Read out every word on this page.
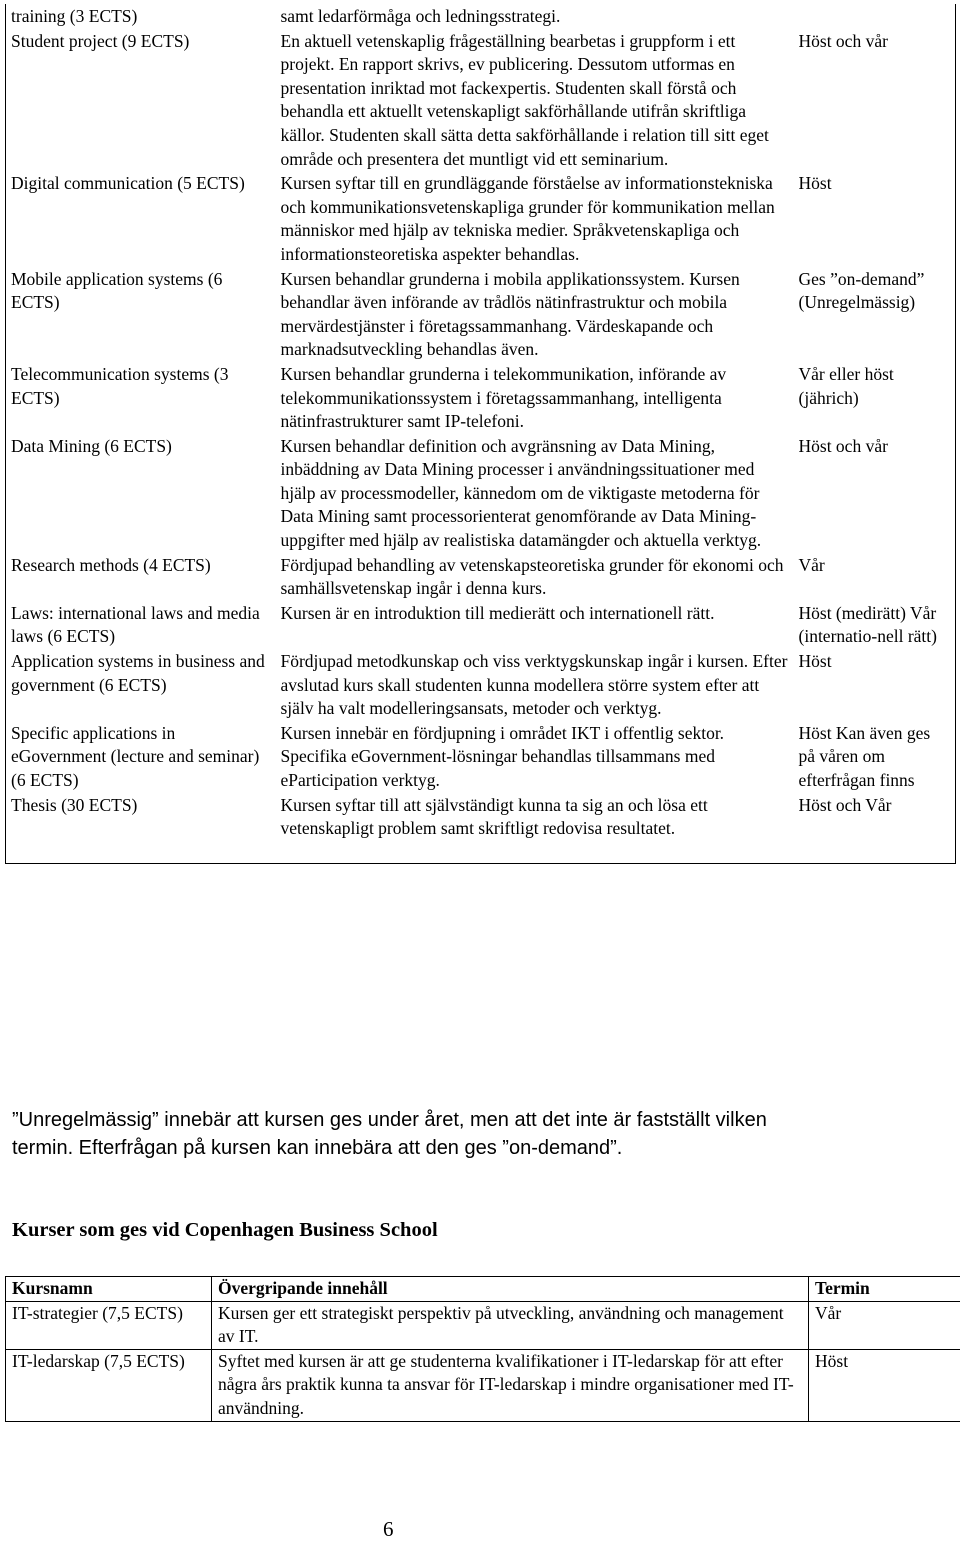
training (3 ECTS)	samt ledarförmåga och ledningsstrategi.	
Student project (9 ECTS)	En aktuell vetenskaplig frågeställning bearbetas i gruppform i ett projekt. En rapport skrivs, ev publicering. Dessutom utformas en presentation inriktad mot fackexpertis. Studenten skall förstå och behandla ett aktuellt vetenskapligt sakförhållande utifrån skriftliga källor. Studenten skall sätta detta sakförhållande i relation till sitt eget område och presentera det muntligt vid ett seminarium.	Höst och vår
Digital communication (5 ECTS)	Kursen syftar till en grundläggande förståelse av informationstekniska och kommunikationsvetenskapliga grunder för kommunikation mellan människor med hjälp av tekniska medier. Språkvetenskapliga och informationsteoretiska aspekter behandlas.	Höst
Mobile application systems (6 ECTS)	Kursen behandlar grunderna i mobila applikationssystem. Kursen behandlar även införande av trådlös nätinfrastruktur och mobila mervärdestjänster i företagssammanhang. Värdeskapande och marknadsutveckling behandlas även.	Ges ”on-demand” (Unregelmässig)
Telecommunication systems (3 ECTS)	Kursen behandlar grunderna i telekommunikation, införande av telekommunikationssystem i företagssammanhang, intelligenta nätinfrastrukturer samt IP-telefoni.	Vår eller höst (jährich)
Data Mining (6 ECTS)	Kursen behandlar definition och avgränsning av Data Mining, inbäddning av Data Mining processer i användningssituationer med hjälp av processmodeller, kännedom om de viktigaste metoderna för Data Mining samt processorienterat genomförande av Data Mining-uppgifter med hjälp av realistiska datamängder och aktuella verktyg.	Höst och vår
Research methods (4 ECTS)	Fördjupad behandling av vetenskapsteoretiska grunder för ekonomi och samhällsvetenskap ingår i denna kurs.	Vår
Laws: international laws and media laws (6 ECTS)	Kursen är en introduktion till medierätt och internationell rätt.	Höst (medirätt) Vår (internatio-nell rätt)
Application systems in business and government (6 ECTS)	Fördjupad metodkunskap och viss verktygskunskap ingår i kursen. Efter avslutad kurs skall studenten kunna modellera större system efter att själv ha valt modelleringsansats, metoder och verktyg.	Höst
Specific applications in eGovernment (lecture and seminar) (6 ECTS)	Kursen innebär en fördjupning i området IKT i offentlig sektor. Specifika eGovernment-lösningar behandlas tillsammans med eParticipation verktyg.	Höst Kan även ges på våren om efterfrågan finns
Thesis (30 ECTS)	Kursen syftar till att självständigt kunna ta sig an och lösa ett vetenskapligt problem samt skriftligt redovisa resultatet.	Höst och Vår
”Unregelmässig” innebär att kursen ges under året, men att det inte är fastställt vilken termin. Efterfrågan på kursen kan innebära att den ges ”on-demand”.
Kurser som ges vid Copenhagen Business School
Kursnamn	Övergripande innehåll	Termin
IT-strategier (7,5 ECTS)	Kursen ger ett strategiskt perspektiv på utveckling, användning och management av IT.	Vår
IT-ledarskap (7,5 ECTS)	Syftet med kursen är att ge studenterna kvalifikationer i IT-ledarskap för att efter några års praktik kunna ta ansvar för IT-ledarskap i mindre organisationer med IT-användning.	Höst
6
